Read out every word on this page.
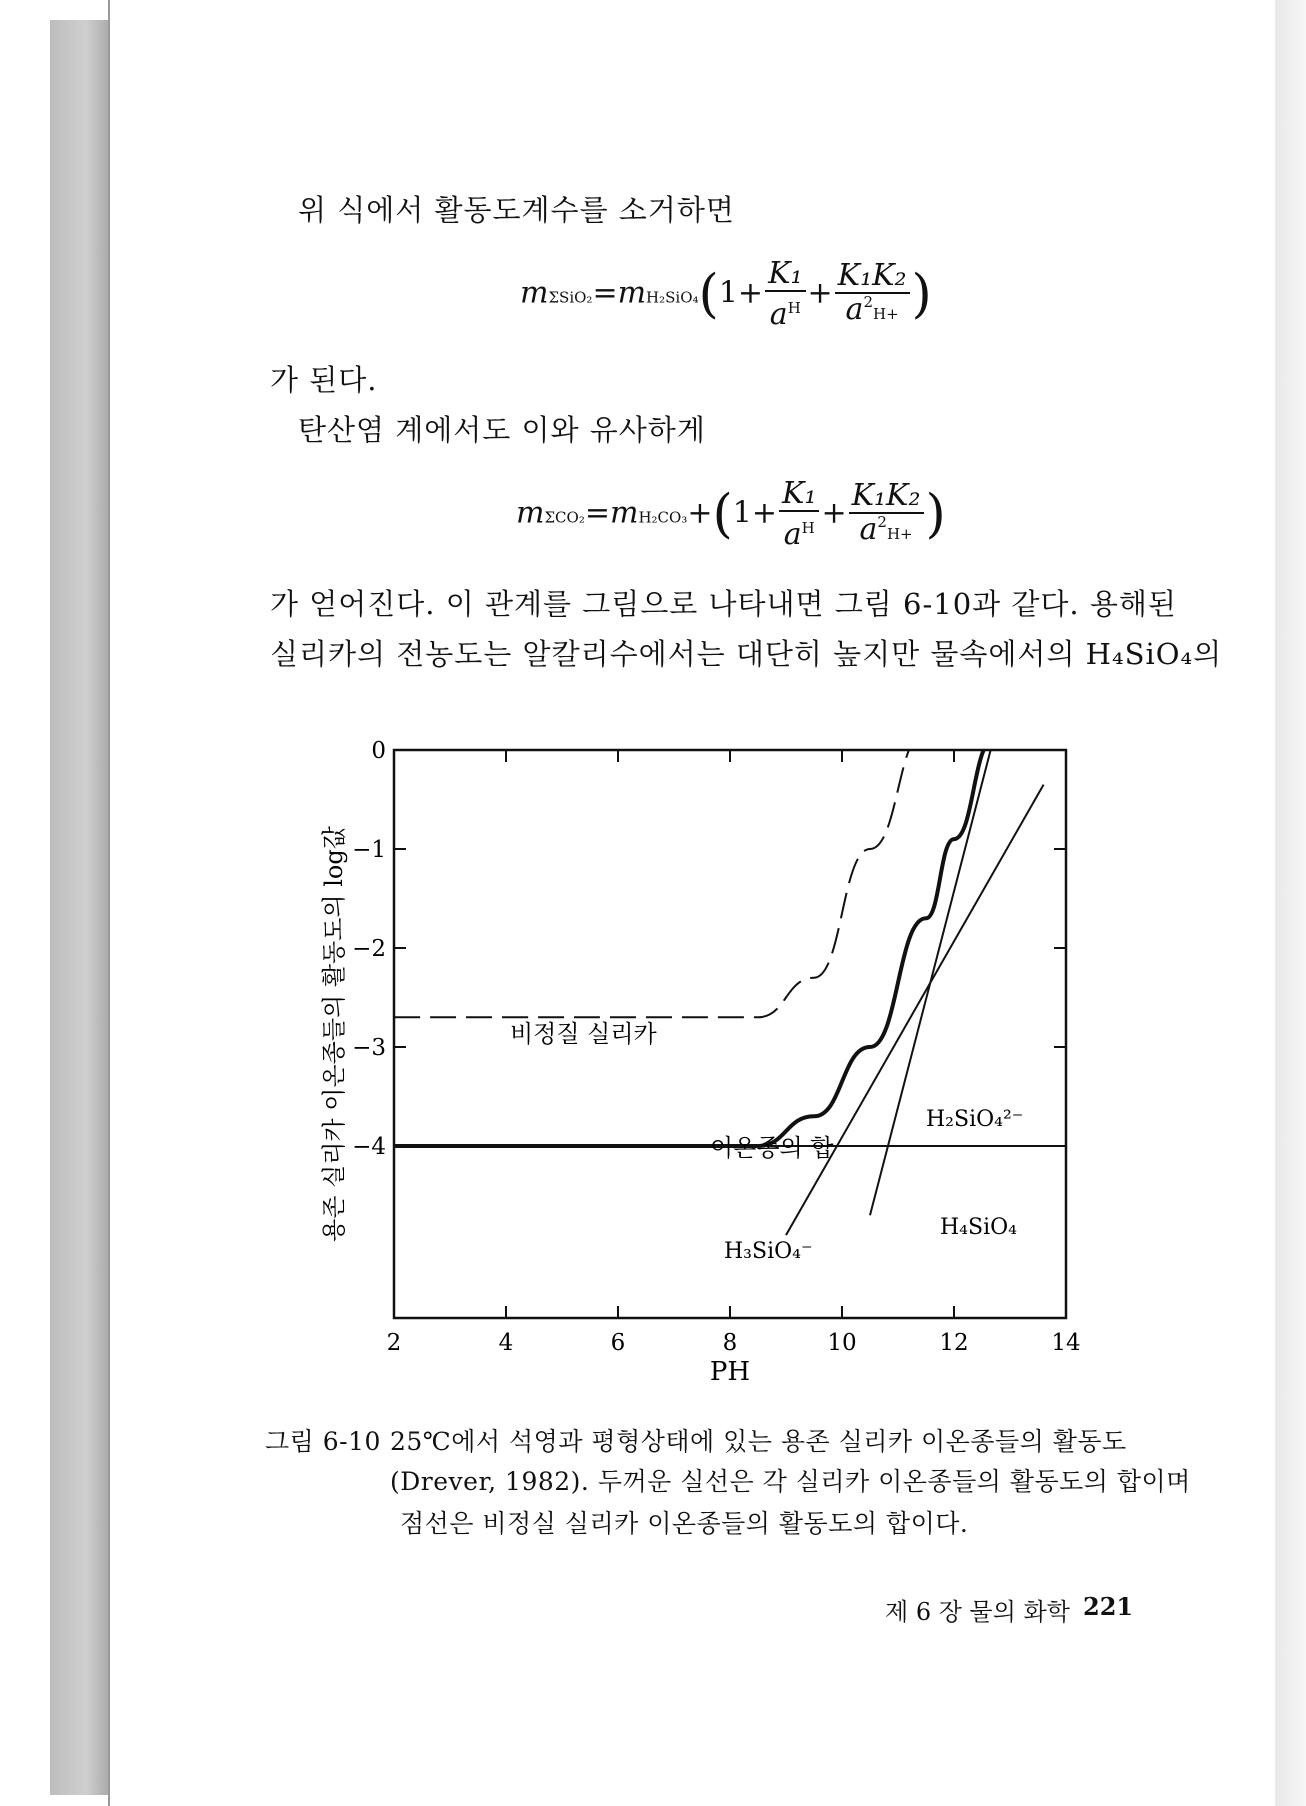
위 식에서 활동도계수를 소거하면
$m\Sigma SiO_2=mH_2SiO_4(1+ \frac{\text{K₁}}{a^H} + \frac{\text{K₁K₂}}{a^2H+}$ )
가 된다.
탄산염 계에서도 이와 유사하게
$m\Sigma CO_2=mH_2CO_3+(1+ \frac{\text{K₁}}{a^H} + \frac{\text{K₁K₂}}{a^2H+}$ )
가 얻어진다. 이 관계를 그림으로 나타내면 그림 6-10과 같다. 용해된
실리카의 전농도는 알칼리수에서는 대단히 높지만 물속에서의 H₄SiO₄의
2	4	6	8	10	12	14
0
−1
−2
−3
−4
PH
용존 실리카 이온종들의 활동도의 log값	비정질 실리카
이온종의 합
H₄SiO₄
H₃SiO₄⁻
H₂SiO₄²⁻
그림 6-10 25℃에서 석영과 평형상태에 있는 용존 실리카 이온종들의 활동도
(Drever, 1982). 두꺼운 실선은 각 실리카 이온종들의 활동도의 합이며
점선은 비정실 실리카 이온종들의 활동도의 합이다.
제 6 장 물의 화학 221
